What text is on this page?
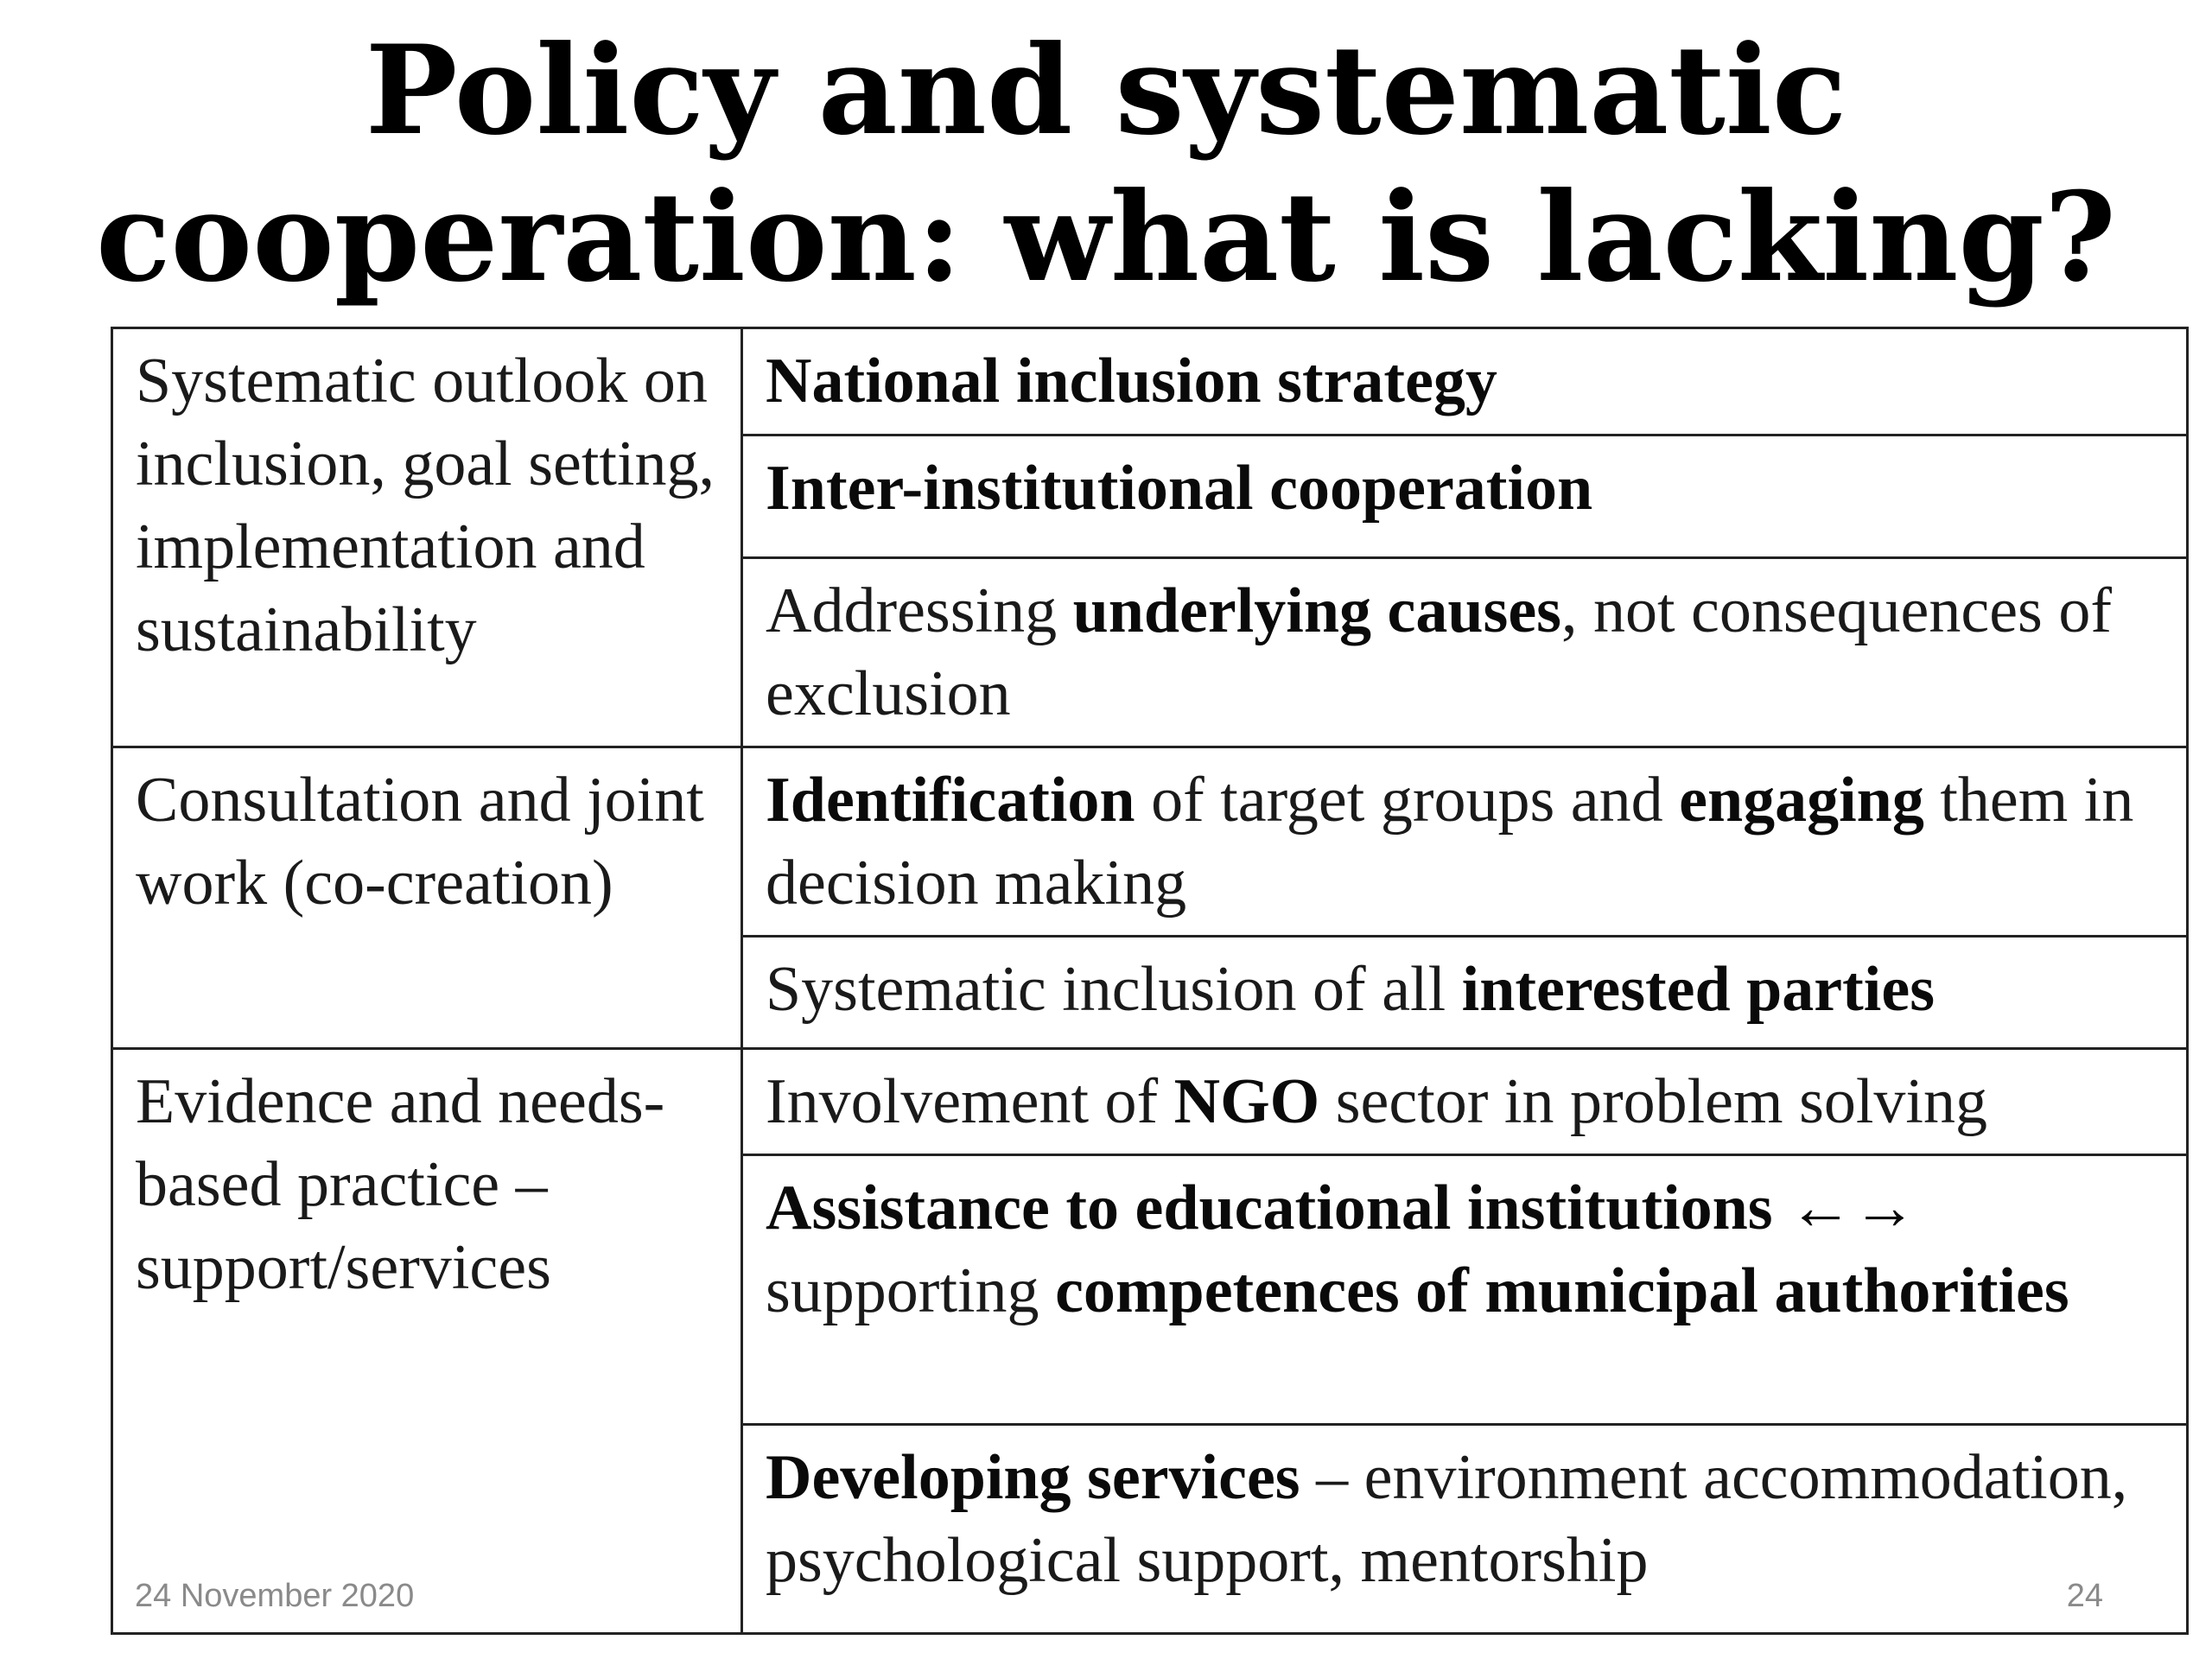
Policy and systematic
cooperation: what is lacking?
Systematic outlook on inclusion, goal setting, implementation and sustainability	National inclusion strategy
	Inter-institutional cooperation
	Addressing underlying causes, not consequences of exclusion
Consultation and joint work (co-creation)	Identification of target groups and engaging them in decision making
	Systematic inclusion of all interested parties
Evidence and needs-based practice – support/services	Involvement of NGO sector in problem solving
	Assistance to educational institutions ←→ supporting competences of municipal authorities
	Developing services – environment accommodation, psychological support, mentorship
24 November 2020	24
